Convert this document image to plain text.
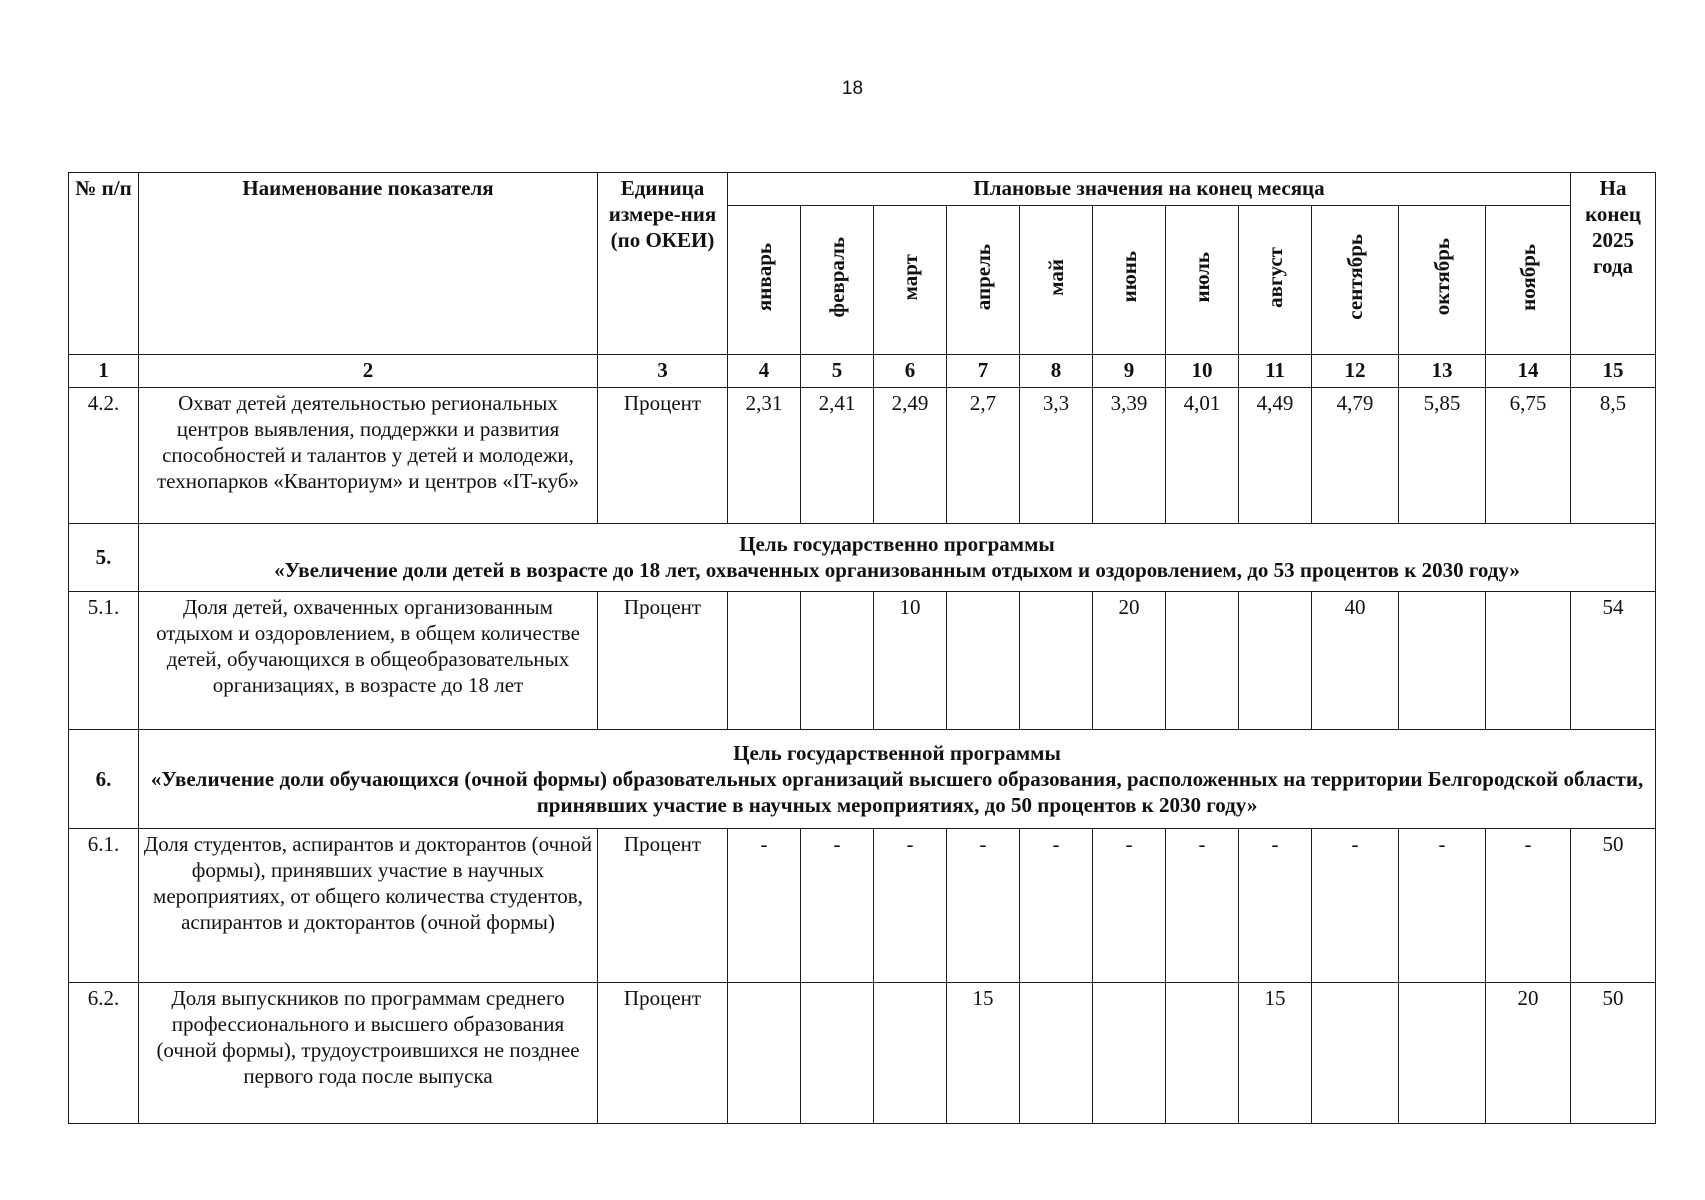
18
№ п/п	Наименование показателя	Единица измере-ния (по ОКЕИ)	Плановые значения на конец месяца											На конец 2025 года
			январь	февраль	март	апрель	май	июнь	июль	август	сентябрь	октябрь	ноябрь	
1	2	3	4	5	6	7	8	9	10	11	12	13	14	15
4.2.	Охват детей деятельностью региональных центров выявления, поддержки и развития способностей и талантов у детей и молодежи, технопарков «Кванториум» и центров «IT-куб»	Процент	2,31	2,41	2,49	2,7	3,3	3,39	4,01	4,49	4,79	5,85	6,75	8,5
5.	Цель государственно программы
«Увеличение доли детей в возрасте до 18 лет, охваченных организованным отдыхом и оздоровлением, до 53 процентов к 2030 году»													

5.1.	Доля детей, охваченных организованным отдыхом и оздоровлением, в общем количестве детей, обучающихся в общеобразовательных организациях, в возрасте до 18 лет	Процент			10			20			40			54
6.	Цель государственной программы
«Увеличение доли обучающихся (очной формы) образовательных организаций высшего образования, расположенных на территории Белгородской области, принявших участие в научных мероприятиях, до 50 процентов к 2030 году»													

6.1.	Доля студентов, аспирантов и докторантов (очной формы), принявших участие в научных мероприятиях, от общего количества студентов, аспирантов и докторантов (очной формы)	Процент	-	-	-	-	-	-	-	-	-	-	-	50
6.2.	Доля выпускников по программам среднего профессионального и высшего образования (очной формы), трудоустроившихся не позднее первого года после выпуска	Процент				15				15			20	50
